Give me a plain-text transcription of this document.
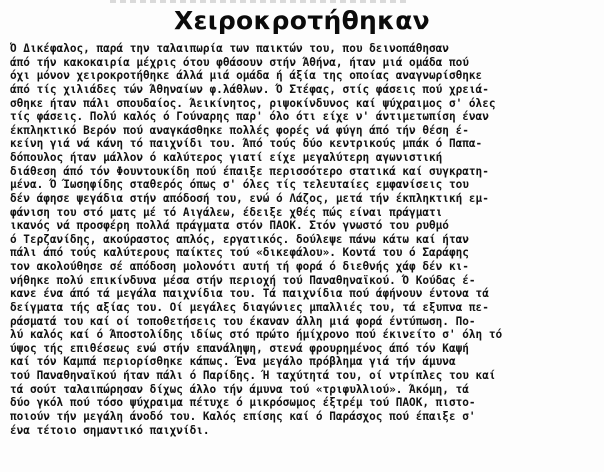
Χειροκροτήθηκαν
Ό Δικέφαλος, παρά την ταλαιπωρία των παικτών του, που δεινοπάθησαν
άπό τήν κακοκαιρία μέχρις ότου φθάσουν στήν Άθήνα, ήταν μιά ομάδα πού
όχι μόνον χειροκροτήθηκε άλλά μιά ομάδα ή άξία της οποίας αναγνωρίσθηκε
άπό τίς χιλιάδες τών Άθηναίων φ.λάθλων. Ό Στέφας, στίς φάσεις πού χρειά-
σθηκε ήταν πάλι σπουδαίος. Άεικίνητος, ριψοκίνδυνος καί ψύχραιμος σ' όλες
τίς φάσεις. Πολύ καλός ό Γούναρης παρ' όλο ότι είχε ν' άντιμετωπίση έναν
έκπληκτικό Βερόν πού αναγκάσθηκε πολλές φορές νά φύγη άπό τήν θέση έ-
κείνη γιά νά κάνη τό παιχνίδι του. Άπό τούς δύο κεντρικούς μπάκ ό Παπα-
δόπουλος ήταν μάλλον ό καλύτερος γιατί είχε μεγαλύτερη αγωνιστική
διάθεση άπό τόν Φουντουκίδη πού έπαιξε περισσότερο στατικά καί συγκρατη-
μένα. Ό Ίωσηφίδης σταθερός όπως σ' όλες τίς τελευταίες εμφανίσεις του
δέν άφησε ψεγάδια στήν απόδοσή του, ενώ ό Λάζος, μετά τήν έκπληκτική εμ-
φάνιση του στό ματς μέ τό Αιγάλεω, έδειξε χθές πώς είναι πράγματι
ικανός νά προσφέρη πολλά πράγματα στόν ΠΑΟΚ. Στόν γνωστό του ρυθμό
ό Τερζανίδης, ακούραστος απλός, εργατικός. δούλεψε πάνω κάτω καί ήταν
πάλι άπό τούς καλύτερους παίκτες τού «δικεφάλου». Κοντά του ό Σαράφης
τον ακολούθησε σέ απόδοση μολονότι αυτή τή φορά ό διεθνής χάφ δέν κι-
νήθηκε πολύ επικίνδυνα μέσα στήν περιοχή τού Παναθηναϊκού. Ό Κούδας έ-
κανε ένα άπό τά μεγάλα παιχνίδια του. Τά παιχνίδια πού άφήνουν έντονα τά
δείγματα τής αξίας του. Οί μεγάλες διαγώνιες μπαλλιές του, τά εξυπνα πε-
ράσματά του καί οί τοποθετήσεις του έκαναν άλλη μιά φορά έντύπωση. Πο-
λύ καλός καί ό Άποστολίδης ιδίως στό πρώτο ήμίχρονο πού έκινείτο σ' όλη τό
ύψος τής επιθέσεως ενώ στήν επανάληψη, στενά φρουρημένος άπό τόν Καψή
καί τόν Καμπά περιορίσθηκε κάπως. Ένα μεγάλο πρόβλημα γιά τήν άμυνα
τού Παναθηναϊκού ήταν πάλι ό Παρίδης. Ή ταχύτητά του, οί ντρίπλες του καί
τά σούτ ταλαιπώρησαν δίχως άλλο τήν άμυνα τού «τριφυλλιού». Άκόμη, τά
δύο γκόλ πού τόσο ψύχραιμα πέτυχε ό μικρόσωμος έξτρέμ τού ΠΑΟΚ, πιστο-
ποιούν τήν μεγάλη άνοδό του. Καλός επίσης καί ό Παράσχος πού έπαιξε σ'
ένα τέτοιο σημαντικό παιχνίδι.
